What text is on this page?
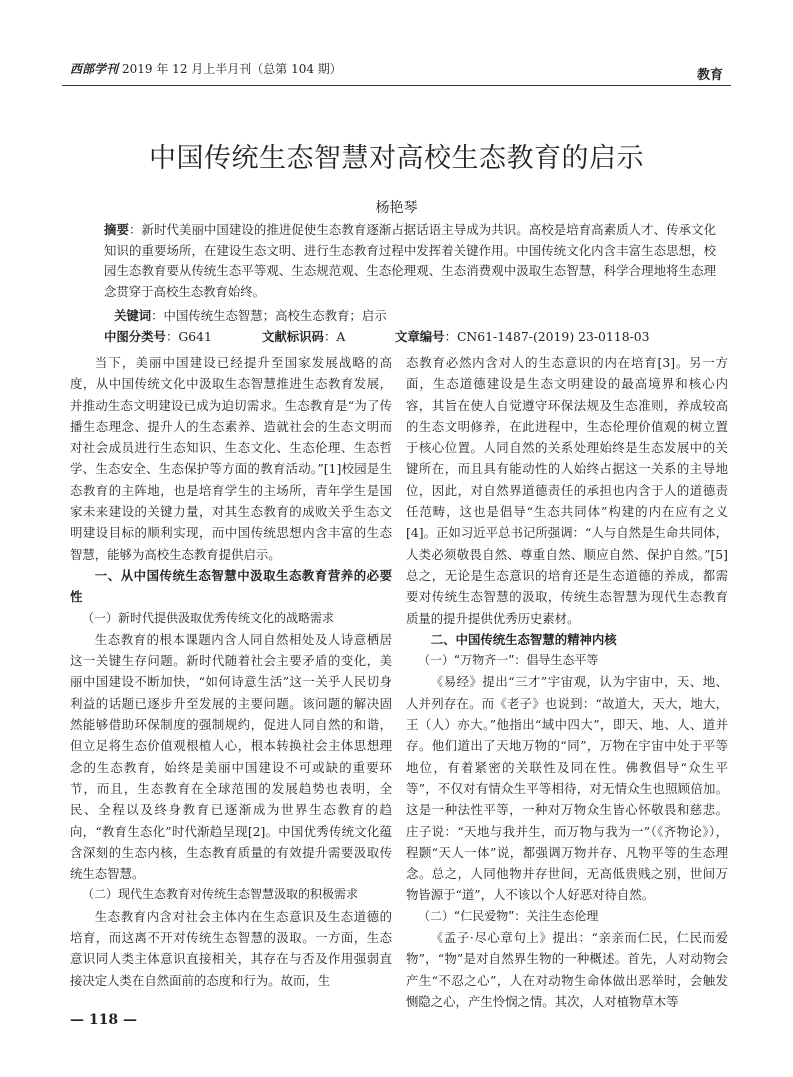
西部学刊 2019 年 12 月上半月刊（总第 104 期）	教育
中国传统生态智慧对高校生态教育的启示
杨艳琴
摘要：新时代美丽中国建设的推进促使生态教育逐渐占据话语主导成为共识。高校是培育高素质人才、传承文化知识的重要场所，在建设生态文明、进行生态教育过程中发挥着关键作用。中国传统文化内含丰富生态思想，校园生态教育要从传统生态平等观、生态规范观、生态伦理观、生态消费观中汲取生态智慧，科学合理地将生态理念贯穿于高校生态教育始终。
关键词：中国传统生态智慧；高校生态教育；启示
中图分类号：G641	文献标识码：A	文章编号：CN61-1487-(2019) 23-0118-03

当下，美丽中国建设已经提升至国家发展战略的高度，从中国传统文化中汲取生态智慧推进生态教育发展，并推动生态文明建设已成为迫切需求。生态教育是“为了传播生态理念、提升人的生态素养、造就社会的生态文明而对社会成员进行生态知识、生态文化、生态伦理、生态哲学、生态安全、生态保护等方面的教育活动。”[1]校园是生态教育的主阵地，也是培育学生的主场所，青年学生是国家未来建设的关键力量，对其生态教育的成败关乎生态文明建设目标的顺利实现，而中国传统思想内含丰富的生态智慧，能够为高校生态教育提供启示。

一、从中国传统生态智慧中汲取生态教育营养的必要性

（一）新时代提供汲取优秀传统文化的战略需求

生态教育的根本课题内含人同自然相处及人诗意栖居这一关键生存问题。新时代随着社会主要矛盾的变化，美丽中国建设不断加快，“如何诗意生活”这一关乎人民切身利益的话题已逐步升至发展的主要问题。该问题的解决固然能够借助环保制度的强制规约，促进人同自然的和谐，但立足将生态价值观根植人心，根本转换社会主体思想理念的生态教育，始终是美丽中国建设不可或缺的重要环节，而且，生态教育在全球范围的发展趋势也表明，全民、全程以及终身教育已逐渐成为世界生态教育的趋向，“教育生态化”时代渐趋呈现[2]。中国优秀传统文化蕴含深刻的生态内核，生态教育质量的有效提升需要汲取传统生态智慧。

（二）现代生态教育对传统生态智慧汲取的积极需求

生态教育内含对社会主体内在生态意识及生态道德的培育，而这离不开对传统生态智慧的汲取。一方面，生态意识同人类主体意识直接相关，其存在与否及作用强弱直接决定人类在自然面前的态度和行为。故而，生

态教育必然内含对人的生态意识的内在培育[3]。另一方面，生态道德建设是生态文明建设的最高境界和核心内容，其旨在使人自觉遵守环保法规及生态准则，养成较高的生态文明修养，在此进程中，生态伦理价值观的树立置于核心位置。人同自然的关系处理始终是生态发展中的关键所在，而且具有能动性的人始终占据这一关系的主导地位，因此，对自然界道德责任的承担也内含于人的道德责任范畴，这也是倡导“生态共同体”构建的内在应有之义[4]。正如习近平总书记所强调：“人与自然是生命共同体，人类必须敬畏自然、尊重自然、顺应自然、保护自然。”[5]总之，无论是生态意识的培育还是生态道德的养成，都需要对传统生态智慧的汲取，传统生态智慧为现代生态教育质量的提升提供优秀历史素材。

二、中国传统生态智慧的精神内核

（一）“万物齐一”：倡导生态平等

《易经》提出“三才”宇宙观，认为宇宙中，天、地、人并列存在。而《老子》也说到：“故道大，天大，地大，王（人）亦大。”他指出“域中四大”，即天、地、人、道并存。他们道出了天地万物的“同”，万物在宇宙中处于平等地位，有着紧密的关联性及同在性。佛教倡导“众生平等”，不仅对有情众生平等相待，对无情众生也照顾倍加。这是一种法性平等，一种对万物众生皆心怀敬畏和慈悲。庄子说：“天地与我并生，而万物与我为一”（《齐物论》），程颢“天人一体”说，都强调万物并存、凡物平等的生态理念。总之，人同他物并存世间，无高低贵贱之别，世间万物皆源于“道”，人不该以个人好恶对待自然。

（二）“仁民爱物”：关注生态伦理

《孟子·尽心章句上》提出：“亲亲而仁民，仁民而爱物”，“物”是对自然界生物的一种概述。首先，人对动物会产生“不忍之心”，人在对动物生命体做出恶举时，会触发恻隐之心，产生怜悯之情。其次，人对植物草木等

— 118 —
